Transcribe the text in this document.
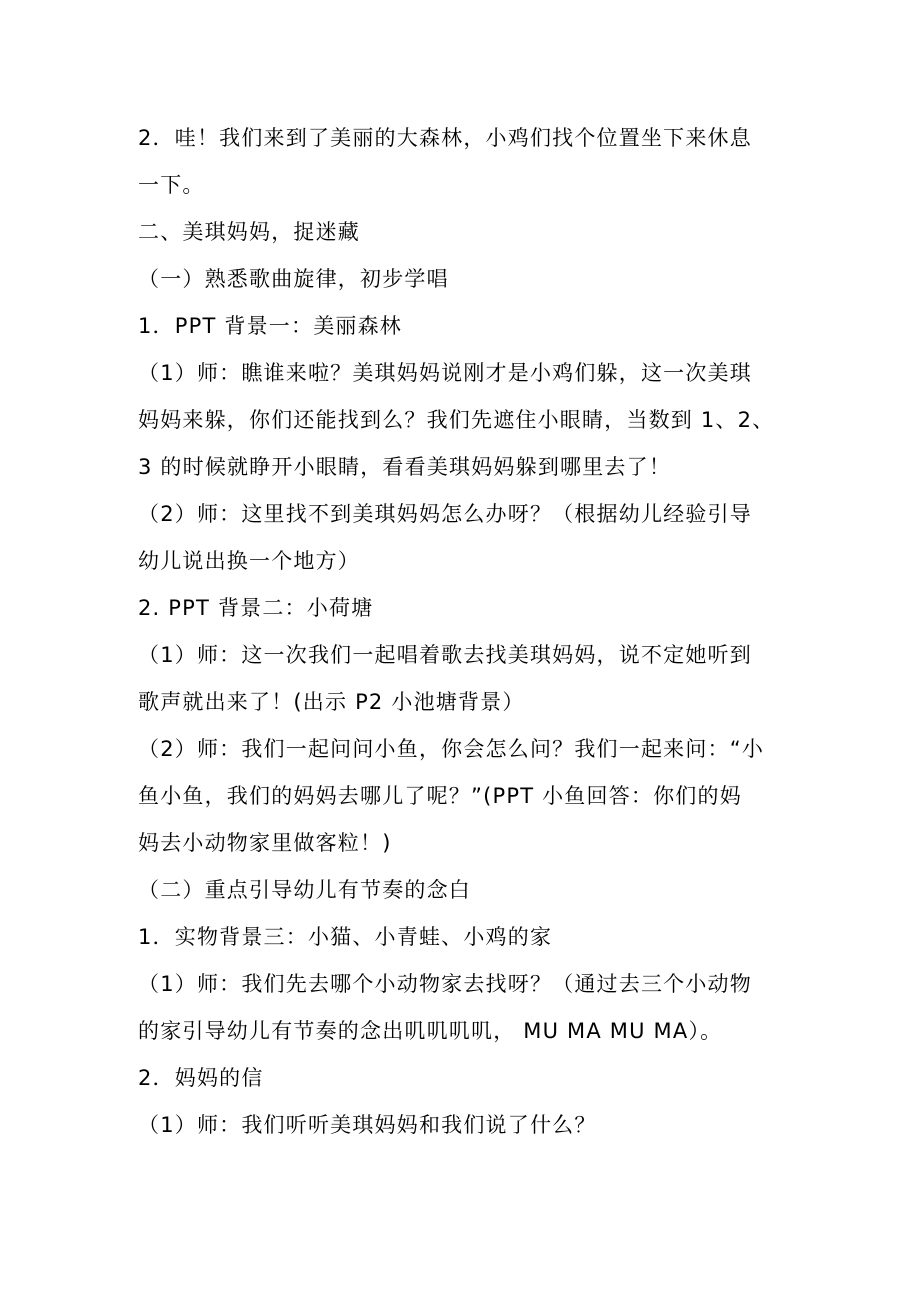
2．哇！我们来到了美丽的大森林，小鸡们找个位置坐下来休息
一下。
二、美琪妈妈，捉迷藏
（一）熟悉歌曲旋律，初步学唱
1．PPT 背景一：美丽森林
（1）师：瞧谁来啦？美琪妈妈说刚才是小鸡们躲，这一次美琪
妈妈来躲，你们还能找到么？我们先遮住小眼睛，当数到 1、2、
3 的时候就睁开小眼睛，看看美琪妈妈躲到哪里去了！
（2）师：这里找不到美琪妈妈怎么办呀？（根据幼儿经验引导
幼儿说出换一个地方）
2. PPT 背景二：小荷塘
（1）师：这一次我们一起唱着歌去找美琪妈妈，说不定她听到
歌声就出来了！(出示 P2 小池塘背景）
（2）师：我们一起问问小鱼，你会怎么问？我们一起来问：“小
鱼小鱼，我们的妈妈去哪儿了呢？”(PPT 小鱼回答：你们的妈
妈去小动物家里做客粒！)
（二）重点引导幼儿有节奏的念白
1．实物背景三：小猫、小青蛙、小鸡的家
（1）师：我们先去哪个小动物家去找呀？（通过去三个小动物
的家引导幼儿有节奏的念出叽叽叽叽， MU MA MU MA）。
2．妈妈的信
（1）师：我们听听美琪妈妈和我们说了什么？
